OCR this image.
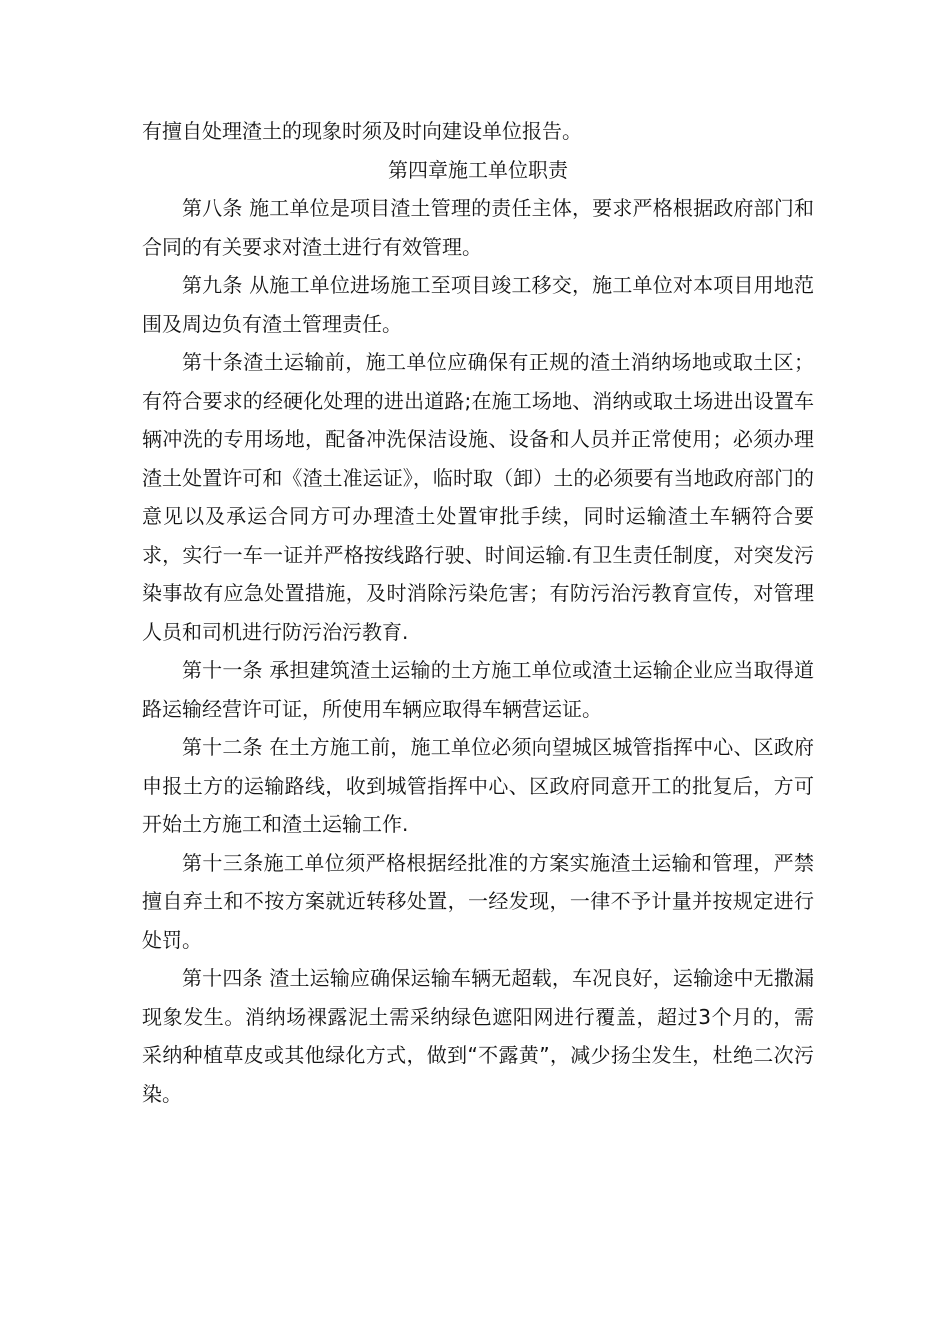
有擅自处理渣土的现象时须及时向建设单位报告。

第四章施工单位职责

第八条 施工单位是项目渣土管理的责任主体，要求严格根据政府部门和合同的有关要求对渣土进行有效管理。

第九条 从施工单位进场施工至项目竣工移交，施工单位对本项目用地范围及周边负有渣土管理责任。

第十条渣土运输前，施工单位应确保有正规的渣土消纳场地或取土区；有符合要求的经硬化处理的进出道路;在施工场地、消纳或取土场进出设置车辆冲洗的专用场地，配备冲洗保洁设施、设备和人员并正常使用；必须办理渣土处置许可和《渣土准运证》，临时取（卸）土的必须要有当地政府部门的意见以及承运合同方可办理渣土处置审批手续，同时运输渣土车辆符合要求，实行一车一证并严格按线路行驶、时间运输.有卫生责任制度，对突发污染事故有应急处置措施，及时消除污染危害；有防污治污教育宣传，对管理人员和司机进行防污治污教育.

第十一条 承担建筑渣土运输的土方施工单位或渣土运输企业应当取得道路运输经营许可证，所使用车辆应取得车辆营运证。

第十二条 在土方施工前，施工单位必须向望城区城管指挥中心、区政府申报土方的运输路线，收到城管指挥中心、区政府同意开工的批复后，方可开始土方施工和渣土运输工作.

第十三条施工单位须严格根据经批准的方案实施渣土运输和管理，严禁擅自弃土和不按方案就近转移处置，一经发现，一律不予计量并按规定进行处罚。

第十四条 渣土运输应确保运输车辆无超载，车况良好，运输途中无撒漏现象发生。消纳场裸露泥土需采纳绿色遮阳网进行覆盖，超过3个月的，需采纳种植草皮或其他绿化方式，做到“不露黄”，减少扬尘发生，杜绝二次污染。
